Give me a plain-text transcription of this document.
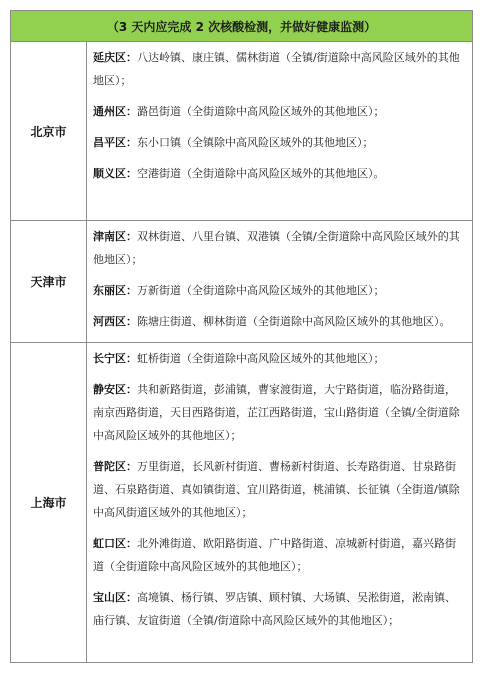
（3 天内应完成 2 次核酸检测，并做好健康监测）
北京市
延庆区：八达岭镇、康庄镇、儒林街道（全镇/街道除中高风险区域外的其他地区）；
通州区：潞邑街道（全街道除中高风险区域外的其他地区）；
昌平区：东小口镇（全镇除中高风险区域外的其他地区）；
顺义区：空港街道（全街道除中高风险区域外的其他地区）。
天津市
津南区：双林街道、八里台镇、双港镇（全镇/全街道除中高风险区域外的其他地区）；
东丽区：万新街道（全街道除中高风险区域外的其他地区）；
河西区：陈塘庄街道、柳林街道（全街道除中高风险区域外的其他地区）。
上海市
长宁区：虹桥街道（全街道除中高风险区域外的其他地区）；
静安区：共和新路街道，彭浦镇，曹家渡街道，大宁路街道，临汾路街道，南京西路街道，天目西路街道，芷江西路街道，宝山路街道（全镇/全街道除中高风险区域外的其他地区）；
普陀区：万里街道，长风新村街道、曹杨新村街道、长寿路街道、甘泉路街道、石泉路街道、真如镇街道、宜川路街道，桃浦镇、长征镇（全街道/镇除中高风街道区域外的其他地区）；
虹口区：北外滩街道、欧阳路街道、广中路街道、凉城新村街道，嘉兴路街道（全街道除中高风险区域外的其他地区）；
宝山区：高境镇、杨行镇、罗店镇、顾村镇、大场镇、吴淞街道，淞南镇、庙行镇、友谊街道（全镇/街道除中高风险区域外的其他地区）；
